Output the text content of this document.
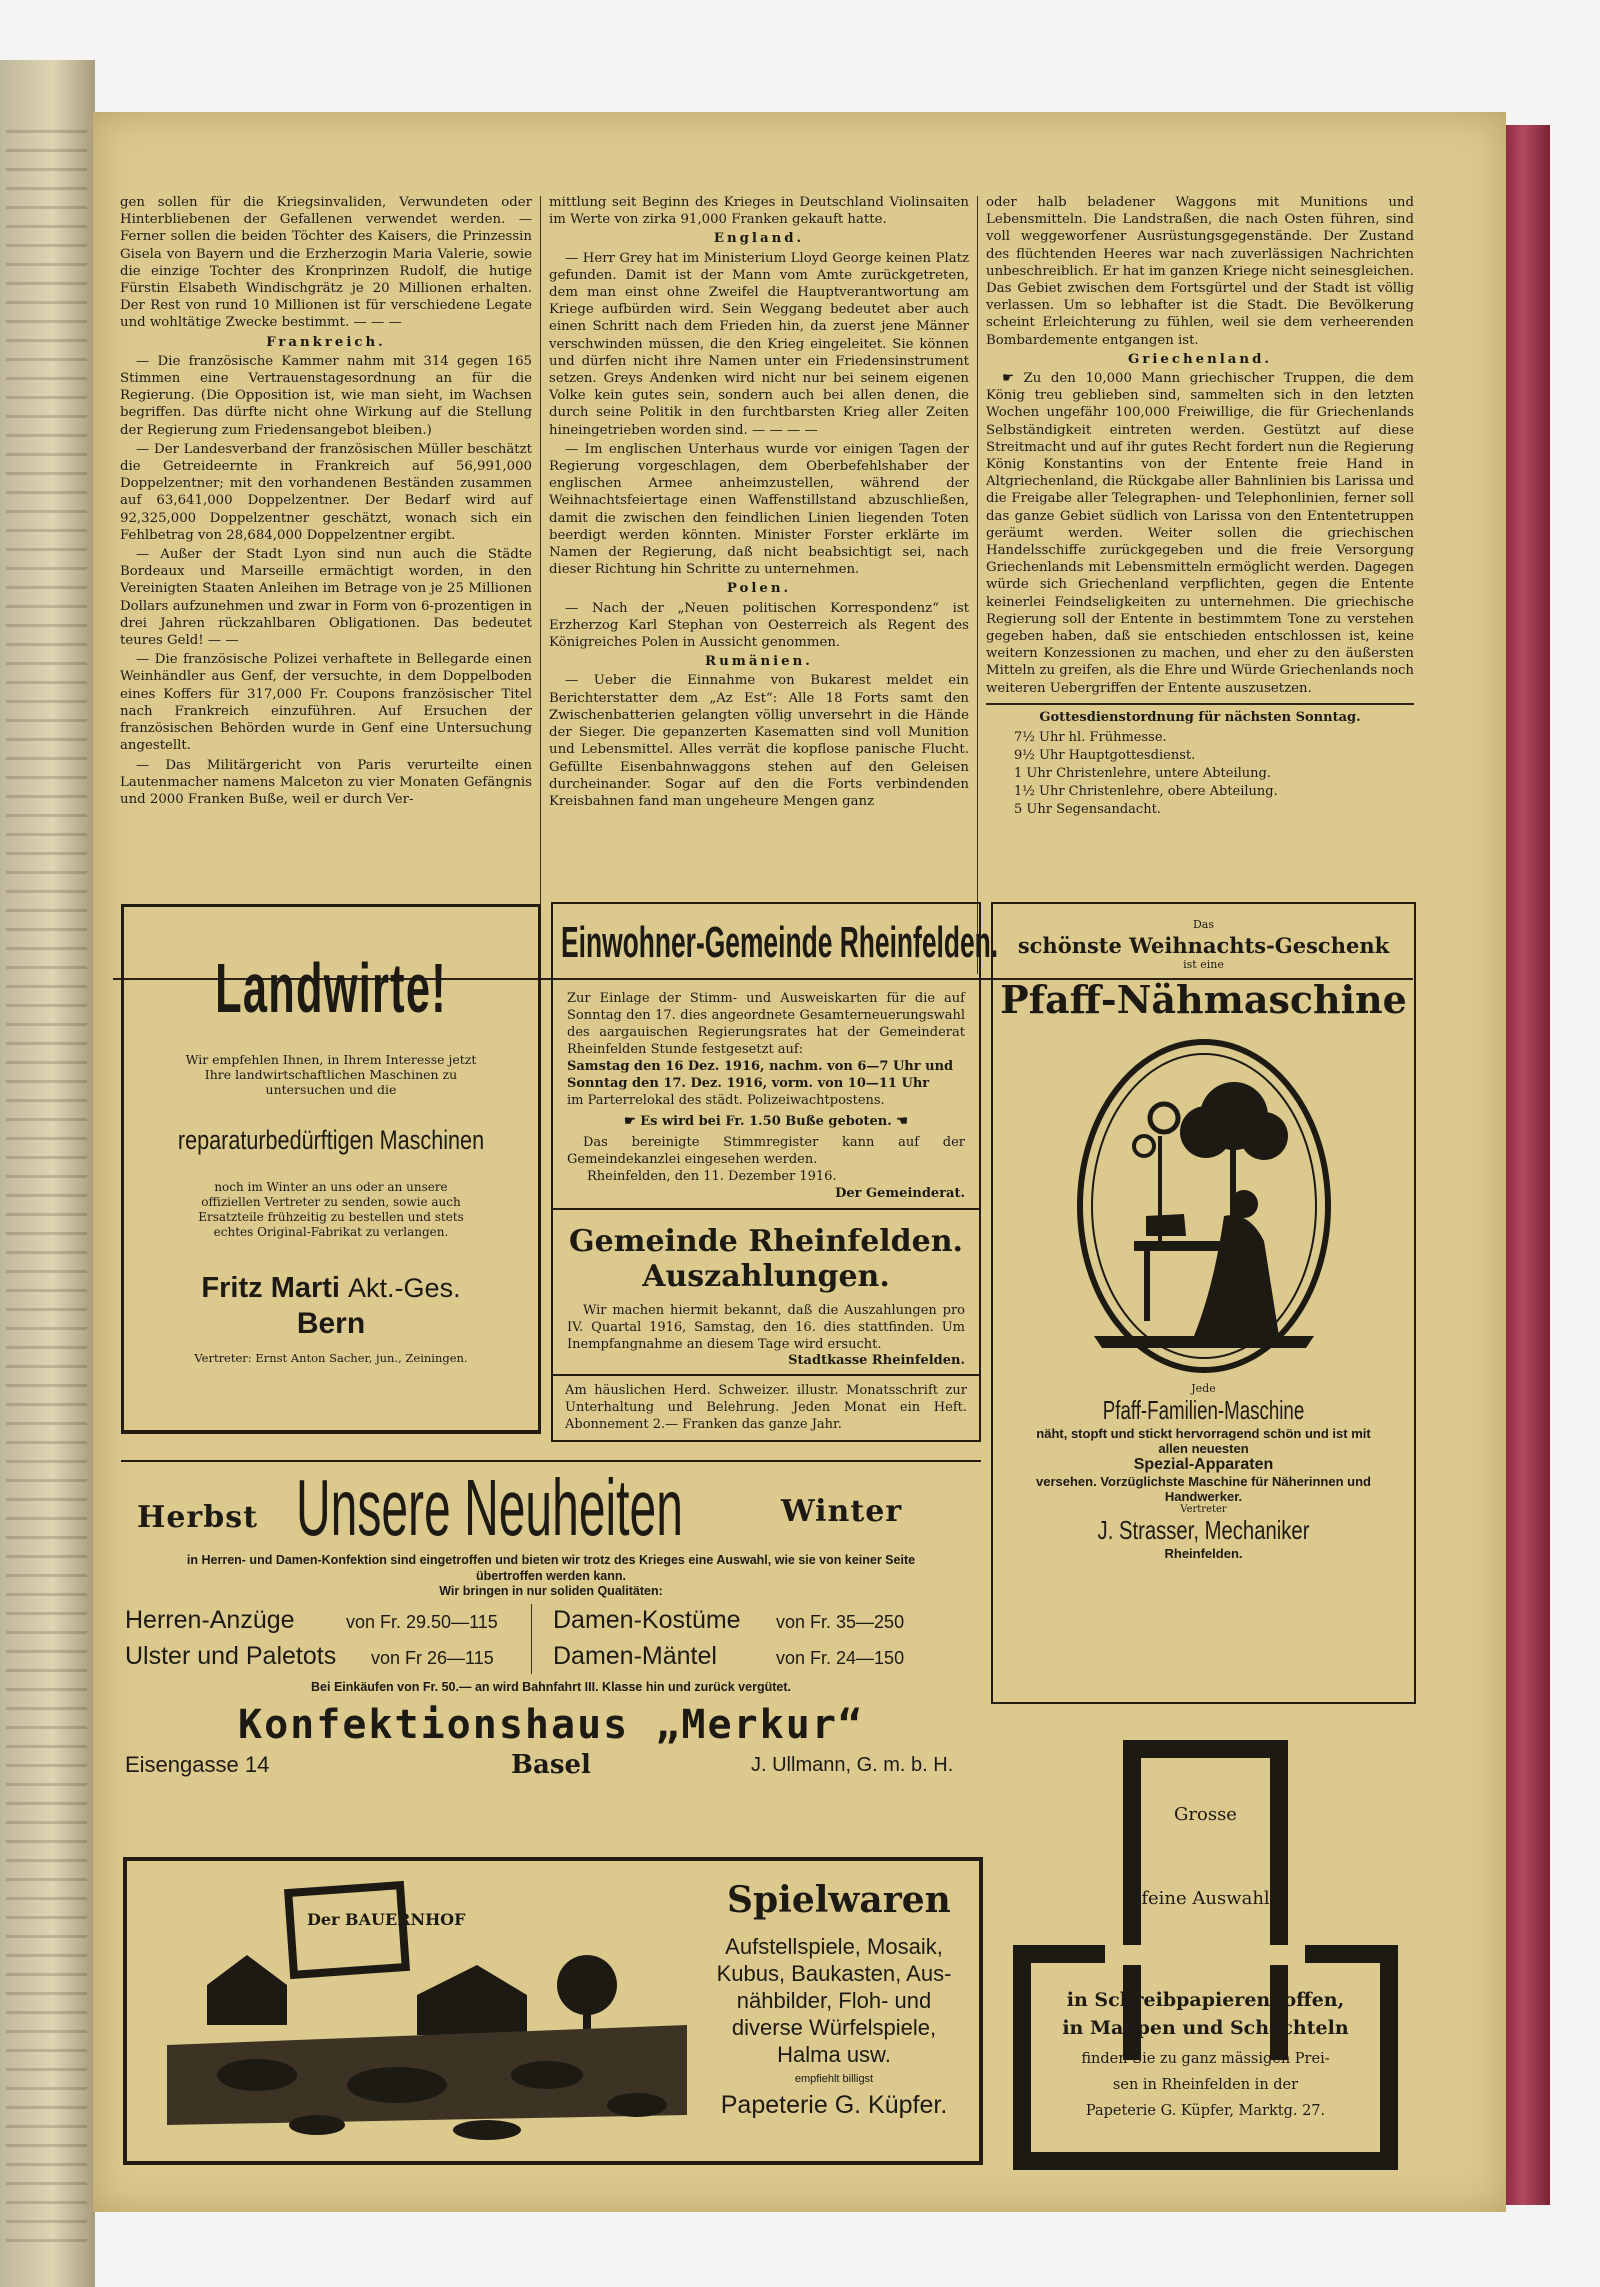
gen sollen für die Kriegsinvaliden, Verwundeten oder Hinterbliebenen der Gefallenen verwendet werden. — Ferner sollen die beiden Töchter des Kaisers, die Prinzessin Gisela von Bayern und die Erzherzogin Maria Valerie, sowie die einzige Tochter des Kronprinzen Rudolf, die hutige Fürstin Elsabeth Windischgrätz je 20 Millionen erhalten. Der Rest von rund 10 Millionen ist für verschiedene Legate und wohltätige Zwecke bestimmt. — — —

Frankreich.

— Die französische Kammer nahm mit 314 gegen 165 Stimmen eine Vertrauenstagesordnung an für die Regierung. (Die Opposition ist, wie man sieht, im Wachsen begriffen. Das dürfte nicht ohne Wirkung auf die Stellung der Regierung zum Friedensangebot bleiben.)

— Der Landesverband der französischen Müller beschätzt die Getreideernte in Frankreich auf 56,991,000 Doppelzentner; mit den vorhandenen Beständen zusammen auf 63,641,000 Doppelzentner. Der Bedarf wird auf 92,325,000 Doppelzentner geschätzt, wonach sich ein Fehlbetrag von 28,684,000 Doppelzentner ergibt.

— Außer der Stadt Lyon sind nun auch die Städte Bordeaux und Marseille ermächtigt worden, in den Vereinigten Staaten Anleihen im Betrage von je 25 Millionen Dollars aufzunehmen und zwar in Form von 6-prozentigen in drei Jahren rückzahlbaren Obligationen. Das bedeutet teures Geld! — —

— Die französische Polizei verhaftete in Bellegarde einen Weinhändler aus Genf, der versuchte, in dem Doppelboden eines Koffers für 317,000 Fr. Coupons französischer Titel nach Frankreich einzuführen. Auf Ersuchen der französischen Behörden wurde in Genf eine Untersuchung angestellt.

— Das Militärgericht von Paris verurteilte einen Lautenmacher namens Malceton zu vier Monaten Gefängnis und 2000 Franken Buße, weil er durch Ver-

mittlung seit Beginn des Krieges in Deutschland Violinsaiten im Werte von zirka 91,000 Franken gekauft hatte.

England.

— Herr Grey hat im Ministerium Lloyd George keinen Platz gefunden. Damit ist der Mann vom Amte zurückgetreten, dem man einst ohne Zweifel die Hauptverantwortung am Kriege aufbürden wird. Sein Weggang bedeutet aber auch einen Schritt nach dem Frieden hin, da zuerst jene Männer verschwinden müssen, die den Krieg eingeleitet. Sie können und dürfen nicht ihre Namen unter ein Friedensinstrument setzen. Greys Andenken wird nicht nur bei seinem eigenen Volke kein gutes sein, sondern auch bei allen denen, die durch seine Politik in den furchtbarsten Krieg aller Zeiten hineingetrieben worden sind. — — — —

— Im englischen Unterhaus wurde vor einigen Tagen der Regierung vorgeschlagen, dem Oberbefehlshaber der englischen Armee anheimzustellen, während der Weihnachtsfeiertage einen Waffenstillstand abzuschließen, damit die zwischen den feindlichen Linien liegenden Toten beerdigt werden könnten. Minister Forster erklärte im Namen der Regierung, daß nicht beabsichtigt sei, nach dieser Richtung hin Schritte zu unternehmen.

Polen.

— Nach der „Neuen politischen Korrespondenz“ ist Erzherzog Karl Stephan von Oesterreich als Regent des Königreiches Polen in Aussicht genommen.

Rumänien.

— Ueber die Einnahme von Bukarest meldet ein Berichterstatter dem „Az Est“: Alle 18 Forts samt den Zwischenbatterien gelangten völlig unversehrt in die Hände der Sieger. Die gepanzerten Kasematten sind voll Munition und Lebensmittel. Alles verrät die kopflose panische Flucht. Gefüllte Eisenbahnwaggons stehen auf den Geleisen durcheinander. Sogar auf den die Forts verbindenden Kreisbahnen fand man ungeheure Mengen ganz

oder halb beladener Waggons mit Munitions und Lebensmitteln. Die Landstraßen, die nach Osten führen, sind voll weggeworfener Ausrüstungsgegenstände. Der Zustand des flüchtenden Heeres war nach zuverlässigen Nachrichten unbeschreiblich. Er hat im ganzen Kriege nicht seinesgleichen. Das Gebiet zwischen dem Fortsgürtel und der Stadt ist völlig verlassen. Um so lebhafter ist die Stadt. Die Bevölkerung scheint Erleichterung zu fühlen, weil sie dem verheerenden Bombardemente entgangen ist.

Griechenland.

☛ Zu den 10,000 Mann griechischer Truppen, die dem König treu geblieben sind, sammelten sich in den letzten Wochen ungefähr 100,000 Freiwillige, die für Griechenlands Selbständigkeit eintreten werden. Gestützt auf diese Streitmacht und auf ihr gutes Recht fordert nun die Regierung König Konstantins von der Entente freie Hand in Altgriechenland, die Rückgabe aller Bahnlinien bis Larissa und die Freigabe aller Telegraphen- und Telephonlinien, ferner soll das ganze Gebiet südlich von Larissa von den Ententetruppen geräumt werden. Weiter sollen die griechischen Handelsschiffe zurückgegeben und die freie Versorgung Griechenlands mit Lebensmitteln ermöglicht werden. Dagegen würde sich Griechenland verpflichten, gegen die Entente keinerlei Feindseligkeiten zu unternehmen. Die griechische Regierung soll der Entente in bestimmtem Tone zu verstehen gegeben haben, daß sie entschieden entschlossen ist, keine weitern Konzessionen zu machen, und eher zu den äußersten Mitteln zu greifen, als die Ehre und Würde Griechenlands noch weiteren Uebergriffen der Entente auszusetzen.

Gottesdienstordnung für nächsten Sonntag.

7½ Uhr hl. Frühmesse.
9½ Uhr Hauptgottesdienst.
1 Uhr Christenlehre, untere Abteilung.
1½ Uhr Christenlehre, obere Abteilung.
5 Uhr Segensandacht.
Landwirte!
Wir empfehlen Ihnen, in Ihrem Interesse jetzt Ihre landwirtschaftlichen Maschinen zu untersuchen und die
reparaturbedürftigen Maschinen
noch im Winter an uns oder an unsere offiziellen Vertreter zu senden, sowie auch Ersatzteile frühzeitig zu bestellen und stets echtes Original-Fabrikat zu verlangen.
Fritz Marti Akt.-Ges.
Bern
Vertreter: Ernst Anton Sacher, jun., Zeiningen.
Einwohner-Gemeinde Rheinfelden.
Zur Einlage der Stimm- und Ausweiskarten für die auf Sonntag den 17. dies angeordnete Gesamterneuerungswahl des aargauischen Regierungsrates hat der Gemeinderat Rheinfelden Stunde festgesetzt auf:
Samstag den 16 Dez. 1916, nachm. von 6—7 Uhr und
Sonntag den 17. Dez. 1916, vorm. von 10—11 Uhr
im Parterrelokal des städt. Polizeiwachtpostens.
☛ Es wird bei Fr. 1.50 Buße geboten. ☚
Das bereinigte Stimmregister kann auf der Gemeindekanzlei eingesehen werden.
Rheinfelden, den 11. Dezember 1916.
Der Gemeinderat.
Gemeinde Rheinfelden.
Auszahlungen.
Wir machen hiermit bekannt, daß die Auszahlungen pro IV. Quartal 1916, Samstag, den 16. dies stattfinden. Um Inempfangnahme an diesem Tage wird ersucht.
Stadtkasse Rheinfelden.
Am häuslichen Herd. Schweizer. illustr. Monatsschrift zur Unterhaltung und Belehrung. Jeden Monat ein Heft. Abonnement 2.— Franken das ganze Jahr.
Das
schönste Weihnachts-Geschenk
ist eine
Pfaff-Nähmaschine
Jede
Pfaff-Familien-Maschine
näht, stopft und stickt hervorragend schön und ist mit allen neuesten
Spezial-Apparaten
versehen. Vorzüglichste Maschine für Näherinnen und Handwerker.
Vertreter
J. Strasser, Mechaniker
Rheinfelden.
Herbst Unsere Neuheiten	Winter
in Herren- und Damen-Konfektion sind eingetroffen und bieten wir trotz des Krieges eine Auswahl, wie sie von keiner Seite übertroffen werden kann.
Wir bringen in nur soliden Qualitäten:
Herren-Anzüge	von Fr. 29.50—115 Damen-Kostüme von Fr. 35—250
Ulster und Paletots von Fr 26—115 Damen-Mäntel	von Fr. 24—150
Bei Einkäufen von Fr. 50.— an wird Bahnfahrt III. Klasse hin und zurück vergütet.
Konfektionshaus „Merkur“
Eisengasse 14	Basel	J. Ullmann, G. m. b. H.
Der BAUERNHOF	Spielwaren
Aufstellspiele, Mosaik,
Kubus, Baukasten, Aus-
nähbilder, Floh- und
diverse Würfelspiele,
Halma usw.
empfiehlt billigst
Papeterie G. Küpfer.
Grosse
feine Auswahl
in Schreibpapieren, offen,
in Mappen und Schachteln
finden Sie zu ganz mässigen Prei-
sen in Rheinfelden in der
Papeterie G. Küpfer, Marktg. 27.
